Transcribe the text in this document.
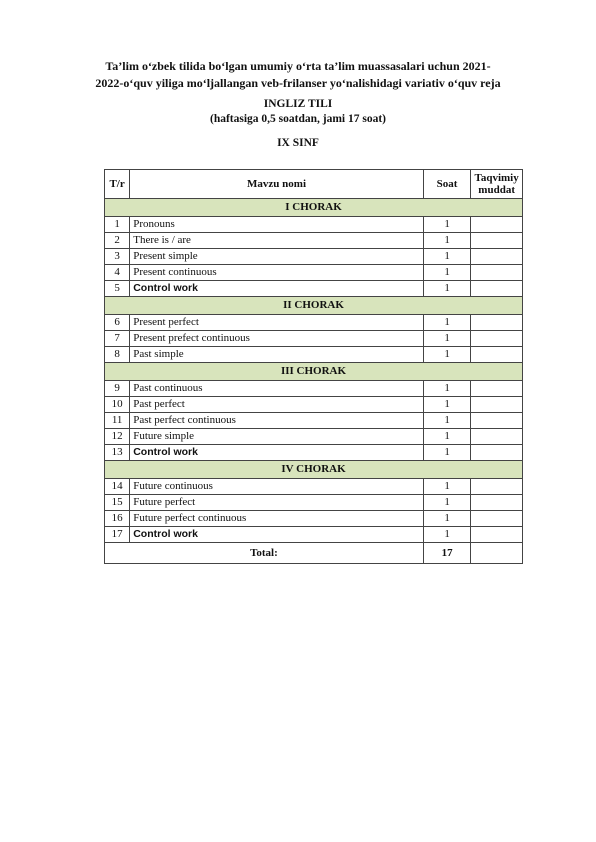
Ta’lim o‘zbek tilida bo‘lgan umumiy o‘rta ta’lim muassasalari uchun 2021-
2022-o‘quv yiliga mo‘ljallangan veb-frilanser yo‘nalishidagi variativ o‘quv reja
INGLIZ TILI
(haftasiga 0,5 soatdan, jami 17 soat)
IX SINF
T/r	Mavzu nomi	Soat	Taqvimiy
muddat

I CHORAK			
1	Pronouns	1	
2	There is / are	1	
3	Present simple	1	
4	Present continuous	1	
5	Control work	1	
II CHORAK			
6	Present perfect	1	
7	Present prefect continuous	1	
8	Past simple	1	
III CHORAK			
9	Past continuous	1	
10	Past perfect	1	
11	Past perfect continuous	1	
12	Future simple	1	
13	Control work	1	
IV CHORAK			
14	Future continuous	1	
15	Future perfect	1	
16	Future perfect continuous	1	
17	Control work	1	
Total:		17	
